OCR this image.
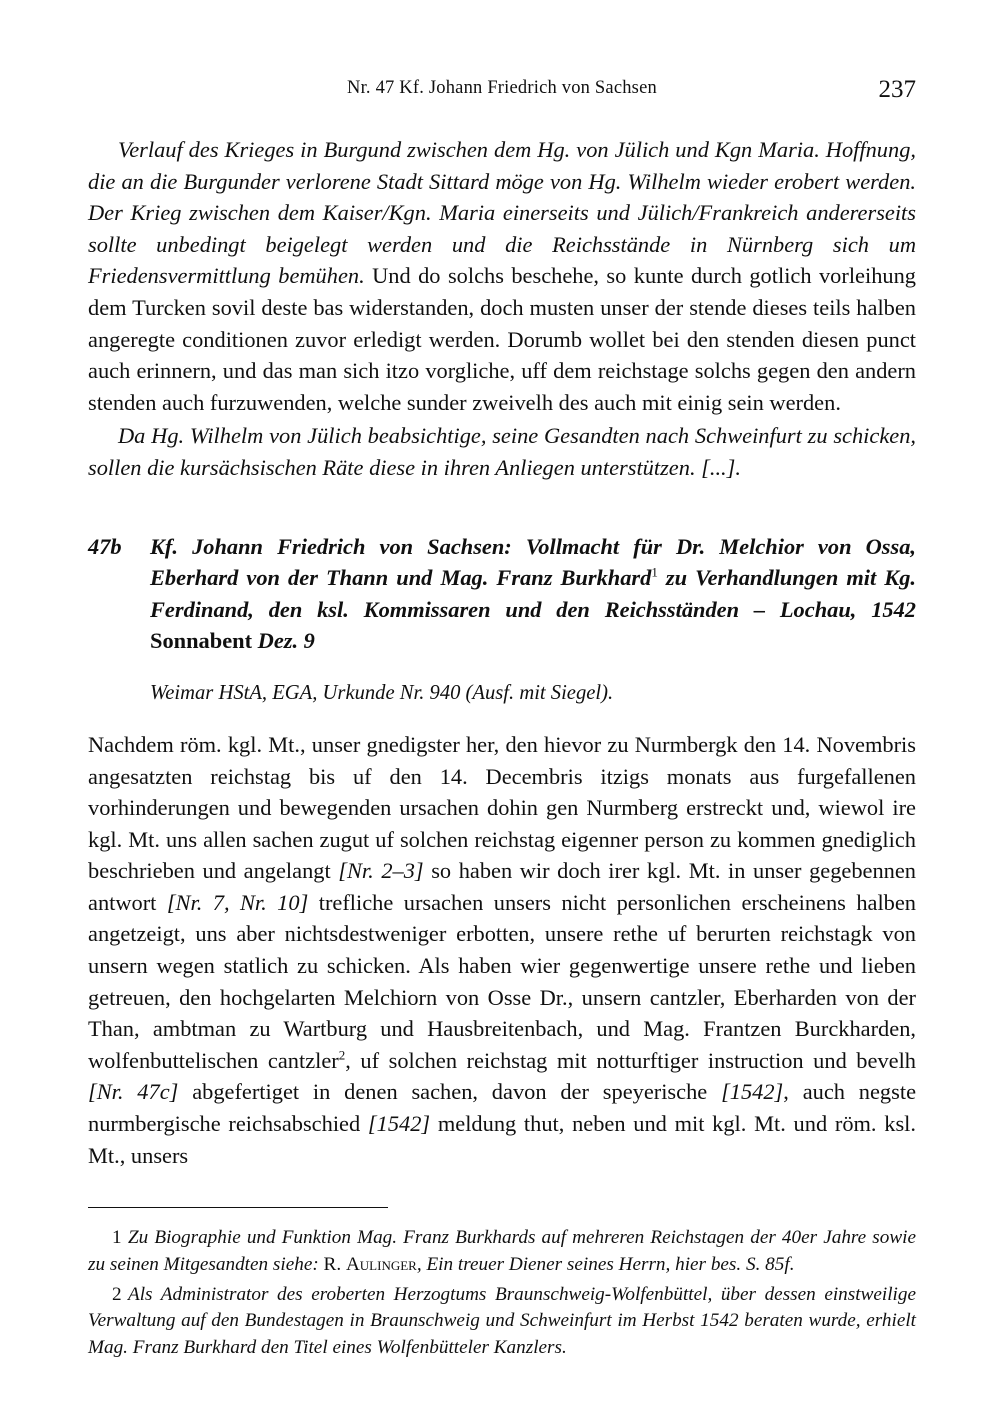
Nr. 47 Kf. Johann Friedrich von Sachsen	237

Verlauf des Krieges in Burgund zwischen dem Hg. von Jülich und Kgn Maria. Hoffnung, die an die Burgunder verlorene Stadt Sittard möge von Hg. Wilhelm wieder erobert werden. Der Krieg zwischen dem Kaiser/Kgn. Maria einerseits und Jülich/Frankreich andererseits sollte unbedingt beigelegt werden und die Reichsstände in Nürnberg sich um Friedensvermittlung bemühen. Und do solchs beschehe, so kunte durch gotlich vorleihung dem Turcken sovil deste bas widerstanden, doch musten unser der stende dieses teils halben angeregte conditionen zuvor erledigt werden. Dorumb wollet bei den stenden diesen punct auch erinnern, und das man sich itzo vorgliche, uff dem reichstage solchs gegen den andern stenden auch furzuwenden, welche sunder zweivelh des auch mit einig sein werden.

Da Hg. Wilhelm von Jülich beabsichtige, seine Gesandten nach Schweinfurt zu schicken, sollen die kursächsischen Räte diese in ihren Anliegen unterstützen. [...].

47b	Kf. Johann Friedrich von Sachsen: Vollmacht für Dr. Melchior von Ossa, Eberhard von der Thann und Mag. Franz Burkhard$^1$ zu Verhandlungen mit Kg. Ferdinand, den ksl. Kommissaren und den Reichsständen – Lochau, 1542 Sonnabent Dez. 9

Weimar HStA, EGA, Urkunde Nr. 940 (Ausf. mit Siegel).

Nachdem röm. kgl. Mt., unser gnedigster her, den hievor zu Nurmbergk den 14. Novembris angesatzten reichstag bis uf den 14. Decembris itzigs monats aus furgefallenen vorhinderungen und bewegenden ursachen dohin gen Nurmberg erstreckt und, wiewol ire kgl. Mt. uns allen sachen zugut uf solchen reichstag eigenner person zu kommen gnediglich beschrieben und angelangt [Nr. 2–3] so haben wir doch irer kgl. Mt. in unser gegebennen antwort [Nr. 7, Nr. 10] trefliche ursachen unsers nicht personlichen erscheinens halben angetzeigt, uns aber nichtsdestweniger erbotten, unsere rethe uf berurten reichstagk von unsern wegen statlich zu schicken. Als haben wier gegenwertige unsere rethe und lieben getreuen, den hochgelarten Melchiorn von Osse Dr., unsern cantzler, Eberharden von der Than, ambtman zu Wartburg und Hausbreitenbach, und Mag. Frantzen Burckharden, wolfenbuttelischen cantzler$^2$, uf solchen reichstag mit notturftiger instruction und bevelh [Nr. 47c] abgefertiget in denen sachen, davon der speyerische [1542], auch negste nurmbergische reichsabschied [1542] meldung thut, neben und mit kgl. Mt. und röm. ksl. Mt., unsers

1 Zu Biographie und Funktion Mag. Franz Burkhards auf mehreren Reichstagen der 40er Jahre sowie zu seinen Mitgesandten siehe: R. Aulinger, Ein treuer Diener seines Herrn, hier bes. S. 85f.

2 Als Administrator des eroberten Herzogtums Braunschweig-Wolfenbüttel, über dessen einstweilige Verwaltung auf den Bundestagen in Braunschweig und Schweinfurt im Herbst 1542 beraten wurde, erhielt Mag. Franz Burkhard den Titel eines Wolfenbütteler Kanzlers.
